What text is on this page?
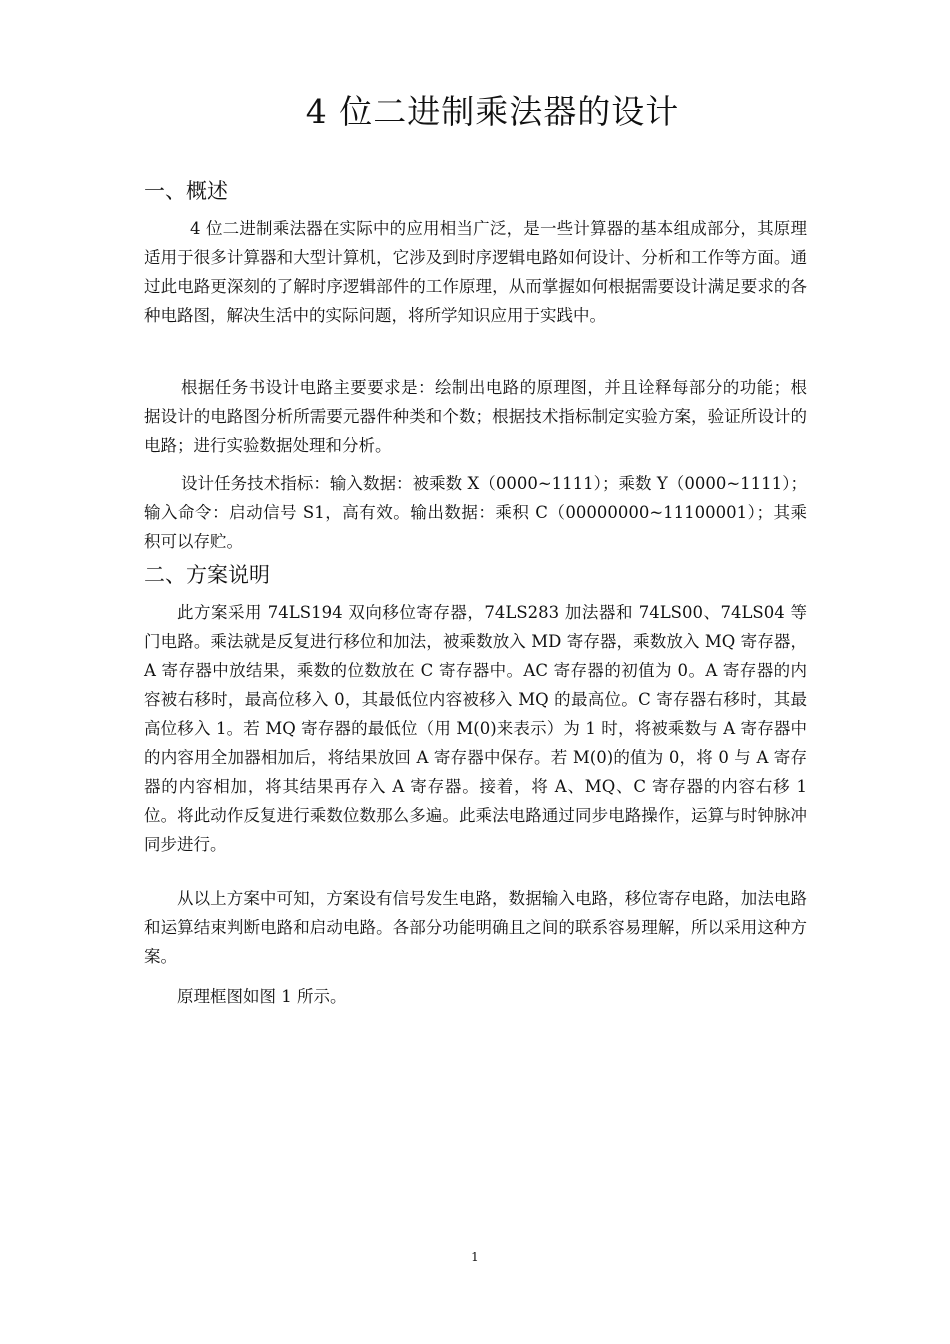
4 位二进制乘法器的设计
一、概述

4 位二进制乘法器在实际中的应用相当广泛，是一些计算器的基本组成部分，其原理适用于很多计算器和大型计算机，它涉及到时序逻辑电路如何设计、分析和工作等方面。通过此电路更深刻的了解时序逻辑部件的工作原理，从而掌握如何根据需要设计满足要求的各种电路图，解决生活中的实际问题，将所学知识应用于实践中。

根据任务书设计电路主要要求是：绘制出电路的原理图，并且诠释每部分的功能；根据设计的电路图分析所需要元器件种类和个数；根据技术指标制定实验方案，验证所设计的电路；进行实验数据处理和分析。

设计任务技术指标：输入数据：被乘数 X（0000~1111）；乘数 Y（0000~1111）；输入命令：启动信号 S1，高有效。输出数据：乘积 C（00000000~11100001）；其乘积可以存贮。

二、方案说明

此方案采用 74LS194 双向移位寄存器，74LS283 加法器和 74LS00、74LS04 等门电路。乘法就是反复进行移位和加法，被乘数放入 MD 寄存器，乘数放入 MQ 寄存器，A 寄存器中放结果，乘数的位数放在 C 寄存器中。AC 寄存器的初值为 0。A 寄存器的内容被右移时，最高位移入 0，其最低位内容被移入 MQ 的最高位。C 寄存器右移时，其最高位移入 1。若 MQ 寄存器的最低位（用 M(0)来表示）为 1 时，将被乘数与 A 寄存器中的内容用全加器相加后，将结果放回 A 寄存器中保存。若 M(0)的值为 0，将 0 与 A 寄存器的内容相加，将其结果再存入 A 寄存器。接着，将 A、MQ、C 寄存器的内容右移 1 位。将此动作反复进行乘数位数那么多遍。此乘法电路通过同步电路操作，运算与时钟脉冲同步进行。

从以上方案中可知，方案设有信号发生电路，数据输入电路，移位寄存电路，加法电路和运算结束判断电路和启动电路。各部分功能明确且之间的联系容易理解，所以采用这种方案。

原理框图如图 1 所示。

1
